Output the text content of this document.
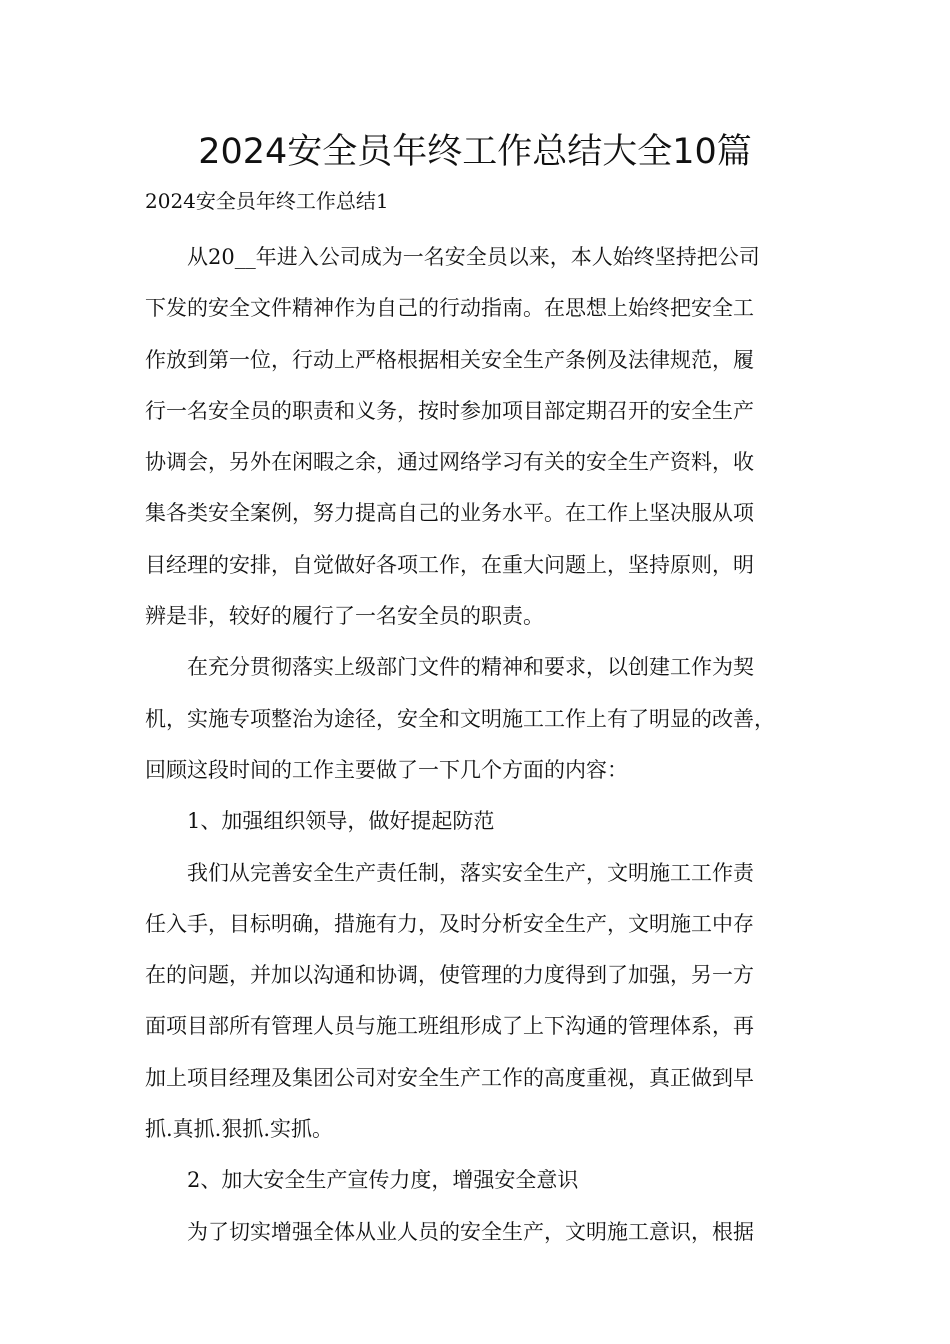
2024安全员年终工作总结大全10篇

2024安全员年终工作总结1

从20__年进入公司成为一名安全员以来，本人始终坚持把公司
下发的安全文件精神作为自己的行动指南。在思想上始终把安全工
作放到第一位，行动上严格根据相关安全生产条例及法律规范，履
行一名安全员的职责和义务，按时参加项目部定期召开的安全生产
协调会，另外在闲暇之余，通过网络学习有关的安全生产资料，收
集各类安全案例，努力提高自己的业务水平。在工作上坚决服从项
目经理的安排，自觉做好各项工作，在重大问题上，坚持原则，明
辨是非，较好的履行了一名安全员的职责。

在充分贯彻落实上级部门文件的精神和要求，以创建工作为契
机，实施专项整治为途径，安全和文明施工工作上有了明显的改善，
回顾这段时间的工作主要做了一下几个方面的内容：

1、加强组织领导，做好提起防范

我们从完善安全生产责任制，落实安全生产，文明施工工作责
任入手，目标明确，措施有力，及时分析安全生产，文明施工中存
在的问题，并加以沟通和协调，使管理的力度得到了加强，另一方
面项目部所有管理人员与施工班组形成了上下沟通的管理体系，再
加上项目经理及集团公司对安全生产工作的高度重视，真正做到早
抓.真抓.狠抓.实抓。

2、加大安全生产宣传力度，增强安全意识

为了切实增强全体从业人员的安全生产，文明施工意识，根据
